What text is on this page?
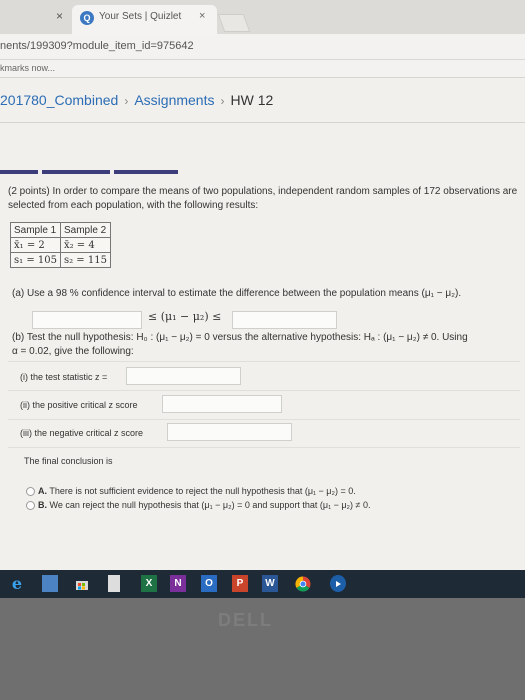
×	Q Your Sets | Quizlet ×
nents/199309?module_item_id=975642
kmarks now...
201780_Combined › Assignments › HW 12
(2 points) In order to compare the means of two populations, independent random samples of 172 observations are selected from each population, with the following results:
Sample 1	Sample 2
x̄₁ = 2	x̄₂ = 4
s₁ = 105	s₂ = 115
(a) Use a 98 % confidence interval to estimate the difference between the population means (μ₁ − μ₂).
≤ (μ₁ − μ₂) ≤
(b) Test the null hypothesis: H₀ : (μ₁ − μ₂) = 0 versus the alternative hypothesis: Hₐ : (μ₁ − μ₂) ≠ 0. Using
α = 0.02, give the following:
(i) the test statistic z =
(ii) the positive critical z score
(iii) the negative critical z score
The final conclusion is
A. There is not sufficient evidence to reject the null hypothesis that (μ₁ − μ₂) = 0.
B. We can reject the null hypothesis that (μ₁ − μ₂) = 0 and support that (μ₁ − μ₂) ≠ 0.
e	X	N	O	P	W
DELL
